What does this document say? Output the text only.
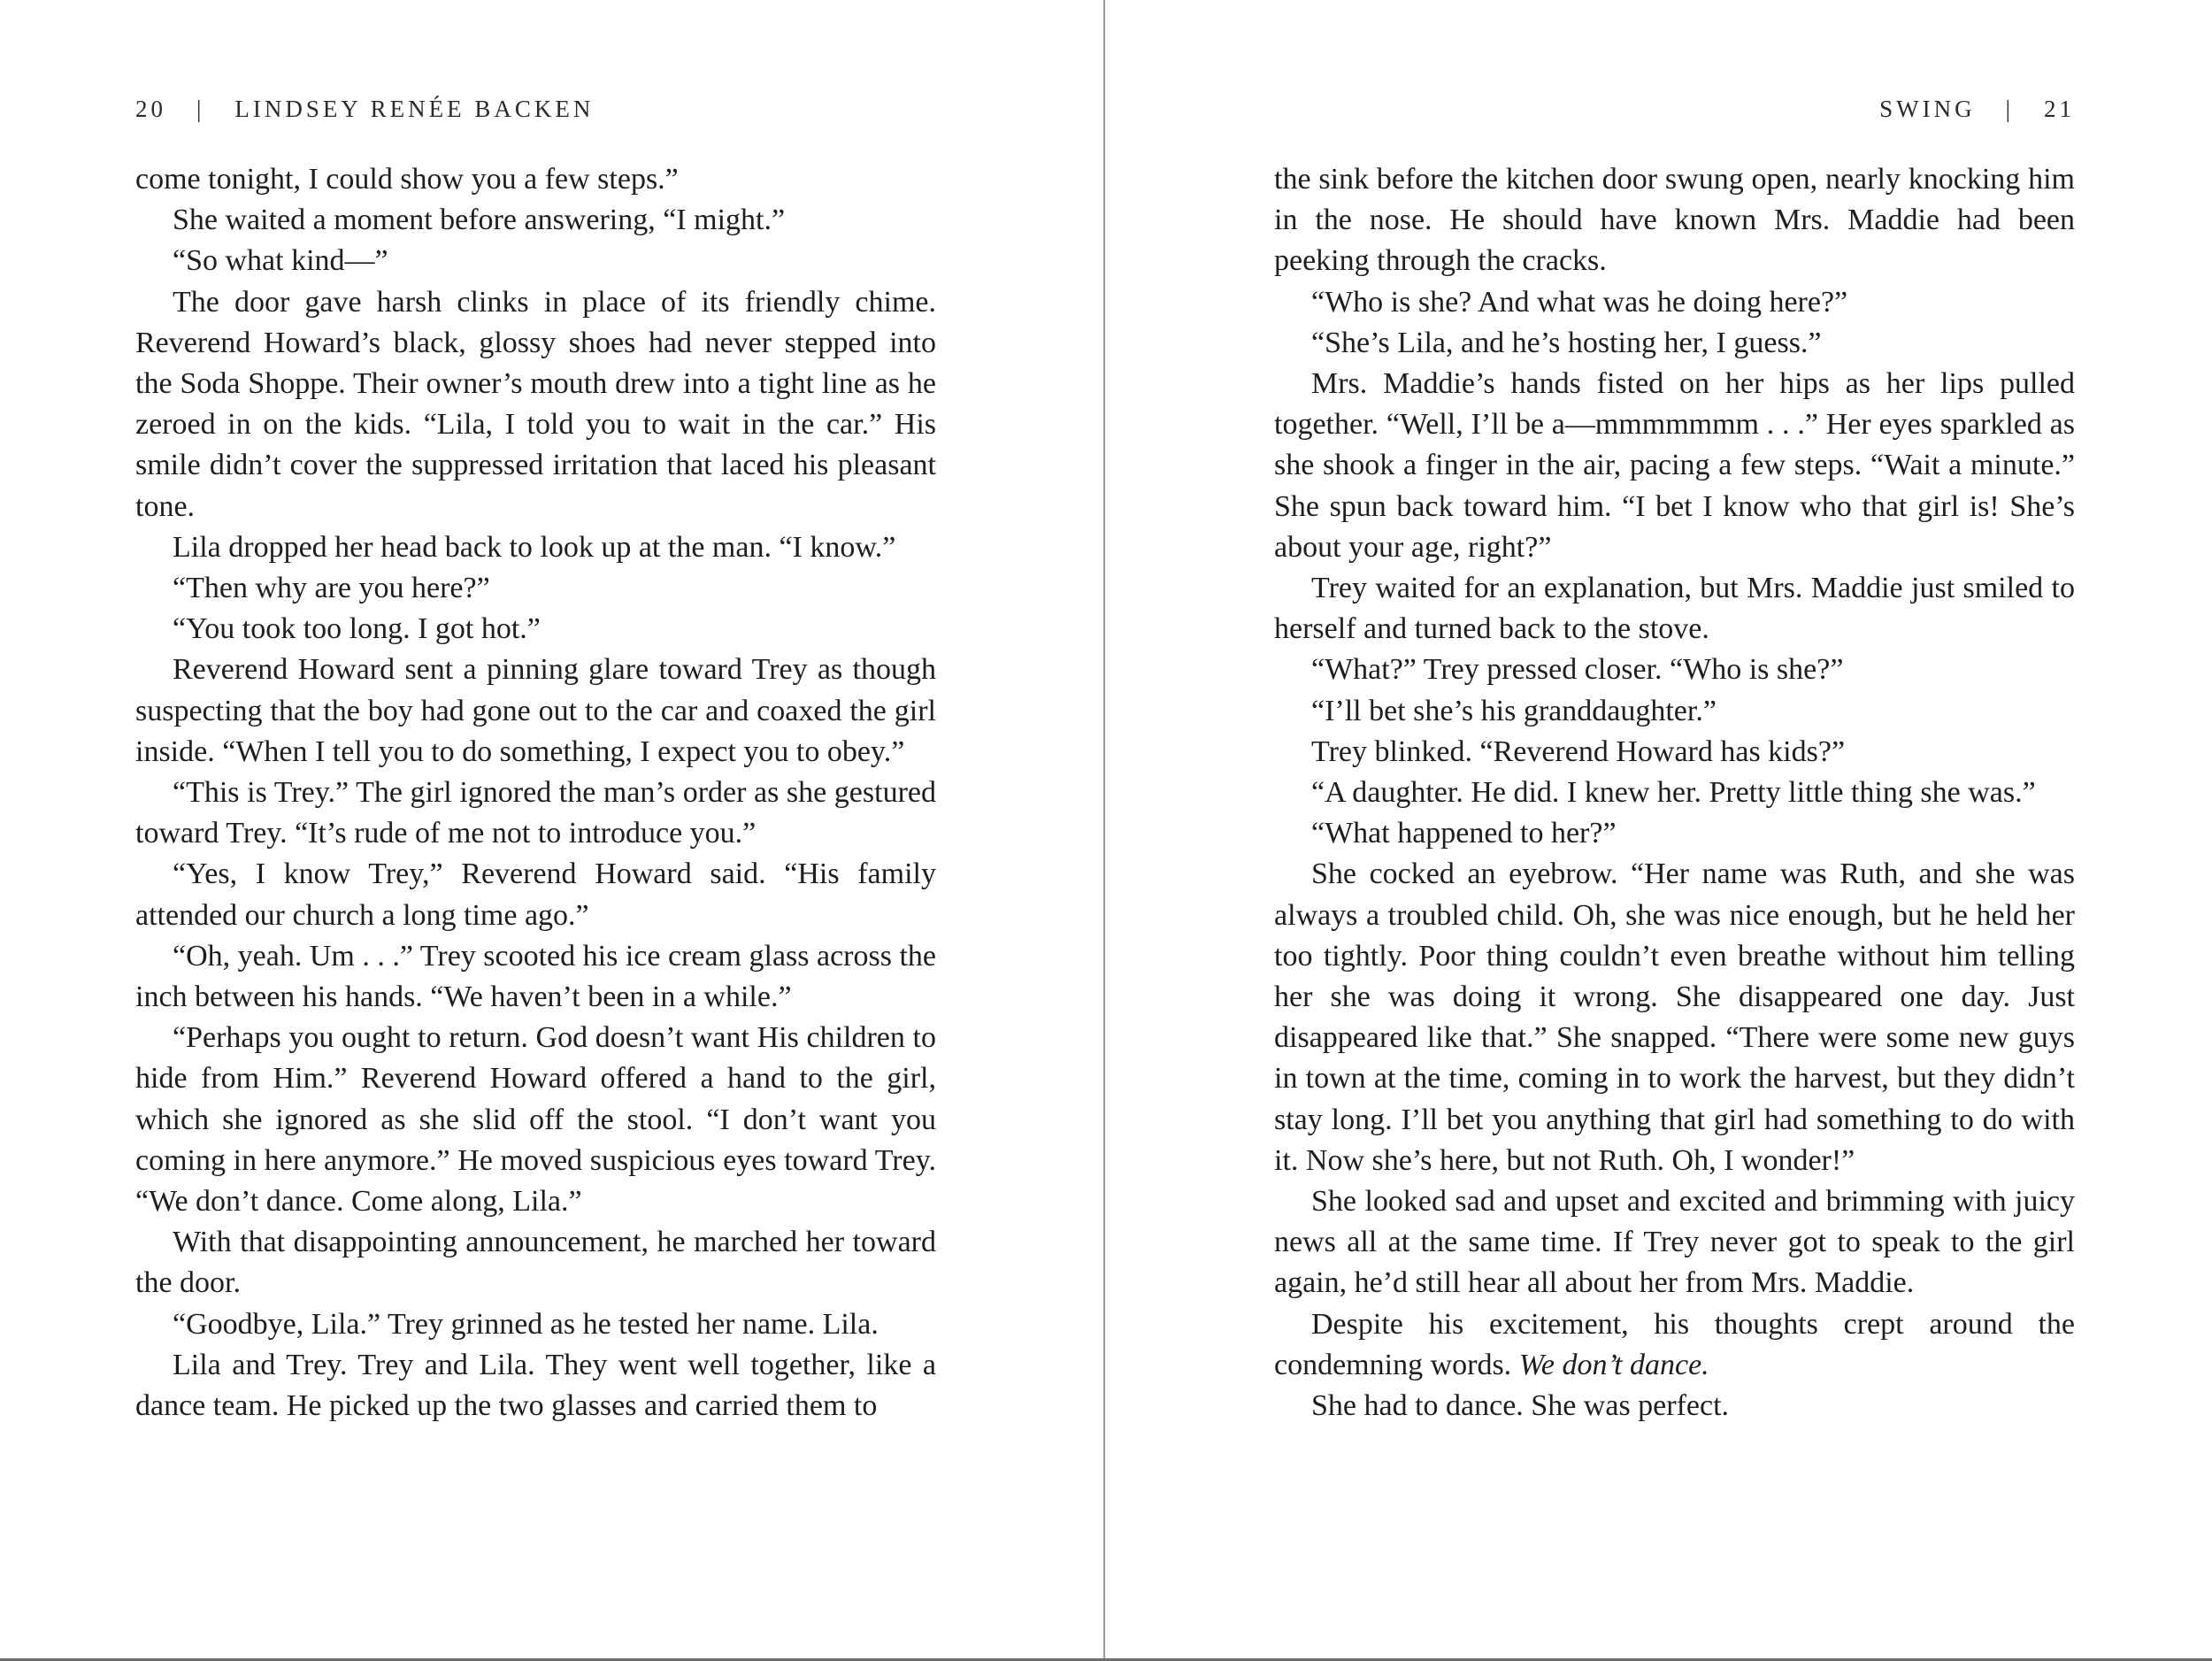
20 | LINDSEY RENÉE BACKEN

come tonight, I could show you a few steps.”

She waited a moment before answering, “I might.”

“So what kind—”

The door gave harsh clinks in place of its friendly chime. Reverend Howard’s black, glossy shoes had never stepped into the Soda Shoppe. Their owner’s mouth drew into a tight line as he zeroed in on the kids. “Lila, I told you to wait in the car.” His smile didn’t cover the suppressed irritation that laced his pleasant tone.

Lila dropped her head back to look up at the man. “I know.”

“Then why are you here?”

“You took too long. I got hot.”

Reverend Howard sent a pinning glare toward Trey as though suspecting that the boy had gone out to the car and coaxed the girl inside. “When I tell you to do something, I expect you to obey.”

“This is Trey.” The girl ignored the man’s order as she gestured toward Trey. “It’s rude of me not to introduce you.”

“Yes, I know Trey,” Reverend Howard said. “His family attended our church a long time ago.”

“Oh, yeah. Um . . .” Trey scooted his ice cream glass across the inch between his hands. “We haven’t been in a while.”

“Perhaps you ought to return. God doesn’t want His children to hide from Him.” Reverend Howard offered a hand to the girl, which she ignored as she slid off the stool. “I don’t want you coming in here anymore.” He moved suspicious eyes toward Trey. “We don’t dance. Come along, Lila.”

With that disappointing announcement, he marched her toward the door.

“Goodbye, Lila.” Trey grinned as he tested her name. Lila.

Lila and Trey. Trey and Lila. They went well together, like a dance team. He picked up the two glasses and carried them to

SWING | 21

the sink before the kitchen door swung open, nearly knocking him in the nose. He should have known Mrs. Maddie had been peeking through the cracks.

“Who is she? And what was he doing here?”

“She’s Lila, and he’s hosting her, I guess.”

Mrs. Maddie’s hands fisted on her hips as her lips pulled together. “Well, I’ll be a—mmmmmmm . . .” Her eyes sparkled as she shook a finger in the air, pacing a few steps. “Wait a minute.” She spun back toward him. “I bet I know who that girl is! She’s about your age, right?”

Trey waited for an explanation, but Mrs. Maddie just smiled to herself and turned back to the stove.

“What?” Trey pressed closer. “Who is she?”

“I’ll bet she’s his granddaughter.”

Trey blinked. “Reverend Howard has kids?”

“A daughter. He did. I knew her. Pretty little thing she was.”

“What happened to her?”

She cocked an eyebrow. “Her name was Ruth, and she was always a troubled child. Oh, she was nice enough, but he held her too tightly. Poor thing couldn’t even breathe without him telling her she was doing it wrong. She disappeared one day. Just disappeared like that.” She snapped. “There were some new guys in town at the time, coming in to work the harvest, but they didn’t stay long. I’ll bet you anything that girl had something to do with it. Now she’s here, but not Ruth. Oh, I wonder!”

She looked sad and upset and excited and brimming with juicy news all at the same time. If Trey never got to speak to the girl again, he’d still hear all about her from Mrs. Maddie.

Despite his excitement, his thoughts crept around the condemning words. We don’t dance.

She had to dance. She was perfect.
